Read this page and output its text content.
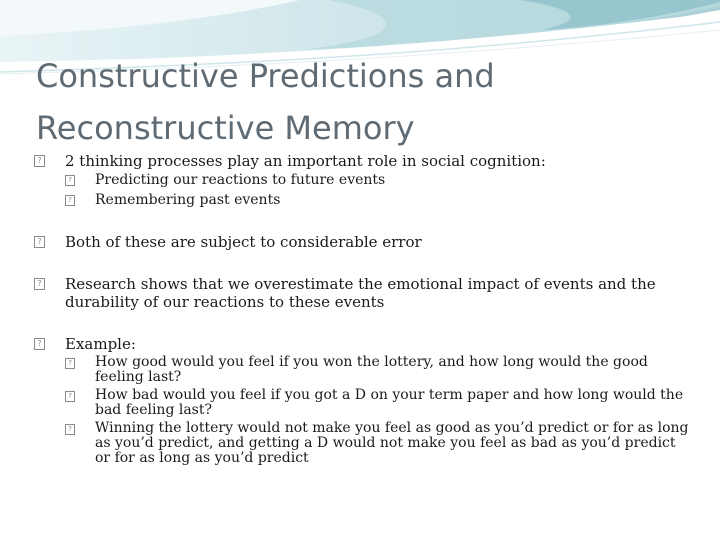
Constructive Predictions and
Reconstructive Memory
? 2 thinking processes play an important role in social cognition:
? Predicting our reactions to future events
? Remembering past events
? Both of these are subject to considerable error
? Research shows that we overestimate the emotional impact of events and the durability of our reactions to these events
? Example:
? How good would you feel if you won the lottery, and how long would the good feeling last?
? How bad would you feel if you got a D on your term paper and how long would the bad feeling last?
? Winning the lottery would not make you feel as good as you’d predict or for as long as you’d predict, and getting a D would not make you feel as bad as you’d predict or for as long as you’d predict
